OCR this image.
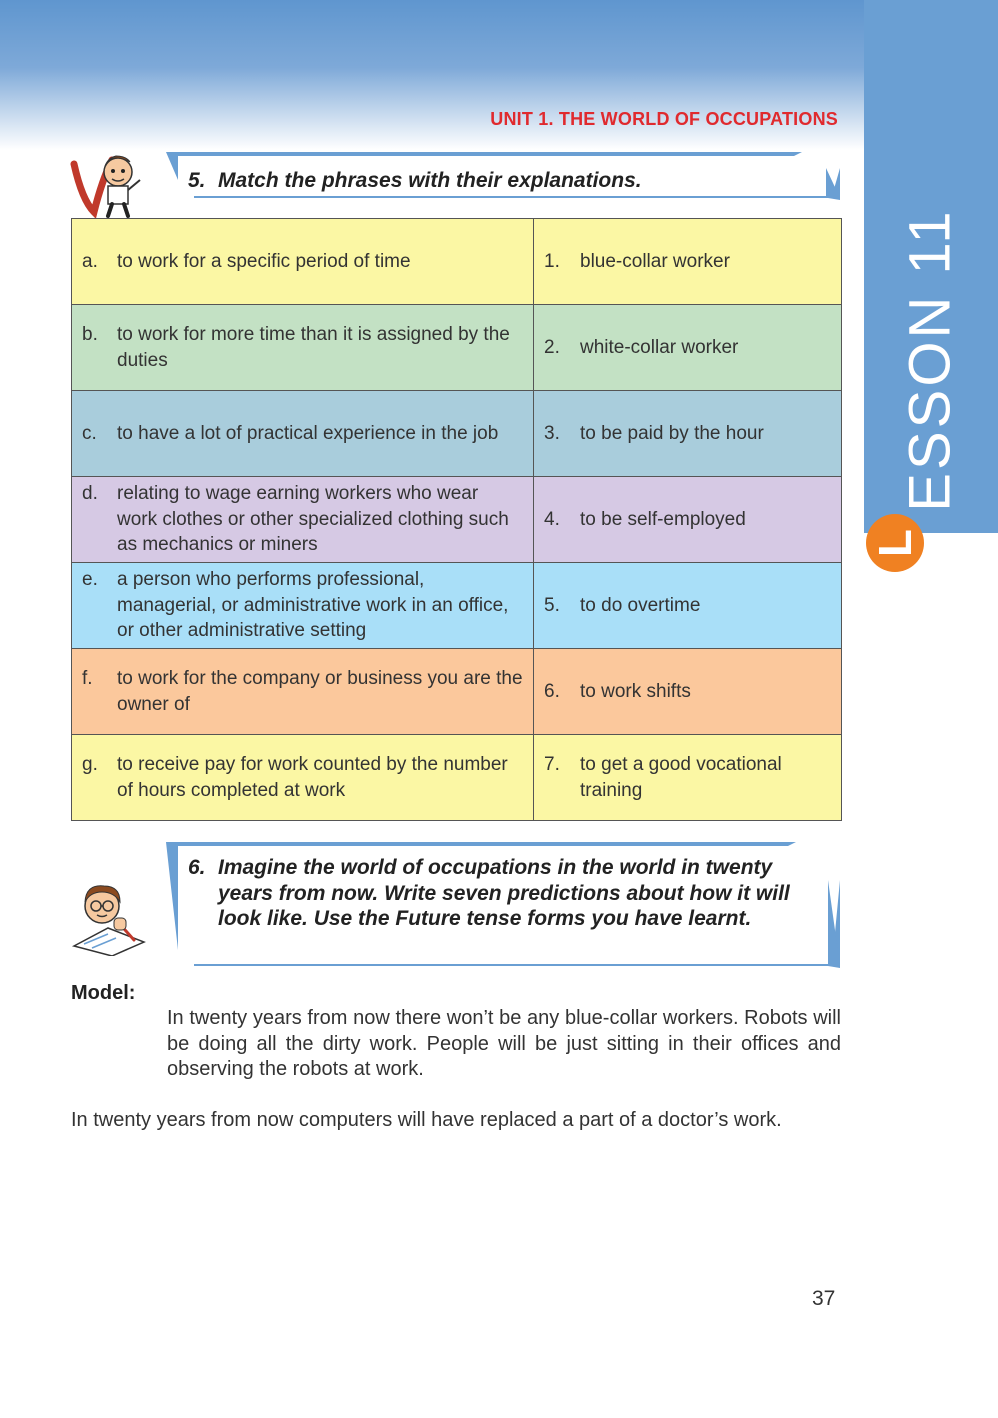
ESSON 11
L
UNIT 1. THE WORLD OF OCCUPATIONS
5. Match the phrases with their explanations.
a. to work for a specific period of time	1. blue-collar worker

b. to work for more time than it is assigned by the duties	2. white-collar worker

c. to have a lot of practical experience in the job	3. to be paid by the hour

d. relating to wage earning workers who wear work clothes or other specialized clothing such as mechanics or miners	4. to be self-employed

e. a person who performs professional, managerial, or administrative work in an office, or other administrative setting	5. to do overtime

f. to work for the company or business you are the owner of	6. to work shifts

g. to receive pay for work counted by the number of hours completed at work	7. to get a good vocational training
6. Imagine the world of occupations in the world in twenty years from now. Write seven predictions about how it will look like. Use the Future tense forms you have learnt.
Model:
In twenty years from now there won’t be any blue-collar workers. Robots will be doing all the dirty work. People will be just sitting in their offices and observing the robots at work.
In twenty years from now computers will have replaced a part of a doctor’s work.
37
